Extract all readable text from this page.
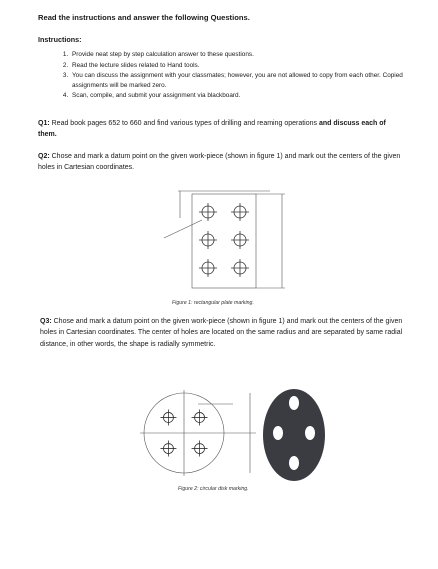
Read the instructions and answer the following Questions.
Instructions:
1. Provide neat step by step calculation answer to these questions.
2. Read the lecture slides related to Hand tools.
3. You can discuss the assignment with your classmates; however, you are not allowed to copy from each other. Copied assignments will be marked zero.
4. Scan, compile, and submit your assignment via blackboard.
Q1: Read book pages 652 to 660 and find various types of drilling and reaming operations and discuss each of them.
Q2: Chose and mark a datum point on the given work-piece (shown in figure 1) and mark out the centers of the given holes in Cartesian coordinates.
Figure 1: rectangular plate marking.
Q3: Chose and mark a datum point on the given work-piece (shown in figure 1) and mark out the centers of the given holes in Cartesian coordinates. The center of holes are located on the same radius and are separated by same radial distance, in other words, the shape is radially symmetric.
Figure 2: circular disk marking.
